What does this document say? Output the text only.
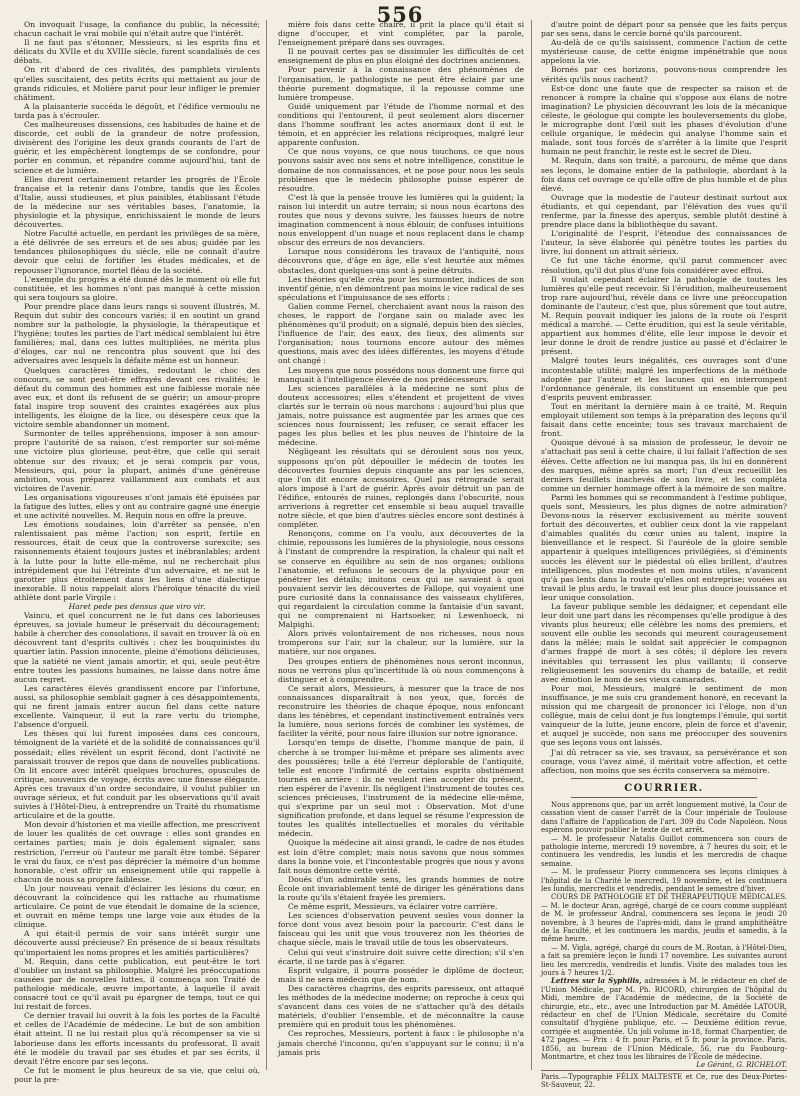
556

On invoquait l'usage, la confiance du public, la nécessité; chacun cachait le vrai mobile qui n'était autre que l'intérêt.

Il ne faut pas s'étonner, Messieurs, si les esprits fins et délicats du XVIIe et du XVIIIe siècle, furent scandalisés de ces débats.

On rit d'abord de ces rivalités, des pamphlets virulents qu'elles suscitaient, des petits écrits qui mettaient au jour de grands ridicules, et Molière parut pour leur infliger le premier châtiment.

A la plaisanterie succéda le dégoût, et l'édifice vermoulu ne tarda pas à s'écrouler.

Ces malheureuses dissensions, ces habitudes de haine et de discorde, cet oubli de la grandeur de notre profession, divisèrent des l'origine les deux grands courants de l'art de guérir, et les empêchèrent longtemps de se confondre, pour porter en commun, et répandre comme aujourd'hui, tant de science et de lumière.

Elles durent certainement retarder les progrès de l'École française et la retenir dans l'ombre, tandis que les Écoles d'Italie, aussi studieuses, et plus paisibles, établissant l'étude de la médecine sur ses véritables bases, l'anatomie, la physiologie et la physique, enrichissaient le monde de leurs découvertes.

Notre Faculté actuelle, en perdant les privilèges de sa mère, a été délivrée de ses erreurs et de ses abus; guidée par les tendances philosophiques du siècle, elle ne connaît d'autre devoir que celui de fortifier les études médicales, et de repousser l'ignorance, mortel fléau de la société.

L'exemple du progrès a été donné dès le moment où elle fut constituée, et les hommes n'ont pas manqué à cette mission qui sera toujours sa gloire.

Pour prendre place dans leurs rangs si souvent illustrés, M. Requin dut subir des concours variés; il en soutint un grand nombre sur la pathologie, la physiologie, la thérapeutique et l'hygiène; toutes les parties de l'art médical semblaient lui être familières; mal, dans ces luttes multipliées, ne mérita plus d'éloges, car nul ne rencontra plus souvent que lui des adversaires avec lesquels la défaite même est un honneur.

Quelques caractères timides, redoutant le choc des concours, se sont peut-être effrayés devant ces rivalités; le défaut du commun des hommes est une faiblesse morale née avec eux, et dont ils refusent de se guérir; un amour-propre fatal inspire trop souvent des craintes exagérées aux plus intelligents, les éloigne de la lice, ou désespère ceux que la victoire semble abandonner un moment.

Surmonter de telles appréhensions, imposer à son amour-propre l'autorité de sa raison, c'est remporter sur soi-même une victoire plus glorieuse, peut-être, que celle qui serait obtenue sur des rivaux; et je serai compris par vous, Messieurs, qui, pour la plupart, animés d'une généreuse ambition, vous préparez vaillamment aux combats et aux victoires de l'avenir.

Les organisations vigoureuses n'ont jamais été épuisées par la fatigue des luttes, elles y ont au contraire gagné une énergie et une activité nouvelles. M. Requin nous en offre la preuve.

Les émotions soudaines, loin d'arrêter sa pensée, n'en ralentissaient pas même l'action; son esprit, fertile en ressources, était de ceux que la controverse surexcite; ses raisonnements étaient toujours justes et inébranlables; ardent à la lutte pour la lutte elle-même, nul ne recherchait plus intrépidement que lui l'étreinte d'un adversaire, et ne sut le garotter plus étroitement dans les liens d'une dialectique inexorable. Il nous rappelait alors l'héroïque ténacité du vieil athlète dont parle Virgile :

Haret pede pes densus que viro vir.

Vaincu, et quel concurrent ne le fut dans ces laborieuses épreuves, sa joviale humeur le préservait du découragement; habile à chercher des consolations, il savait en trouver là où en découvrent tant d'esprits cultivés : chez les bouquinistes du quartier latin. Passion innocente, pleine d'émotions délicieuses, que la satiété ne vient jamais amortir, et qui, seule peut-être entre toutes les passions humaines, ne laisse dans notre âme aucun regret.

Les caractères élevés grandissent encore par l'infortune, aussi, sa philosophie semblait gagner à ces désappointements, qui ne firent jamais entrer aucun fiel dans cette nature excellente. Vainqueur, il eut la rare vertu du triomphe, l'absence d'orgueil.

Les thèses qui lui furent imposées dans ces concours, témoignent de la variété et de la solidité de connaissances qu'il possédait; elles révèlent un esprit fécond, dont l'activité ne paraissait trouver de repos que dans de nouvelles publications. On lit encore avec intérêt quelques brochures, opuscules de critique, souvenirs de voyage, écrits avec une finesse élégante. Après ces travaux d'un ordre secondaire, il voulut publier un ouvrage sérieux, et fut conduit par les observations qu'il avait suivies à l'Hôtel-Dieu, à entreprendre un Traité du rhumatisme articulaire et de la goutte.

Mon devoir d'historien et ma vieille affection, me prescrivent de louer les qualités de cet ouvrage : elles sont grandes en certaines parties; mais je dois également signaler, sans restriction, l'erreur où l'auteur me paraît être tombé. Séparer le vrai du faux, ce n'est pas déprécier la mémoire d'un homme honorable, c'est offrir un enseignement utile qui rappelle à chacun de nous sa propre faiblesse.

Un jour nouveau venait d'éclairer les lésions du cœur, en découvrant la coïncidence qui les rattache au rhumatisme articulaire. Ce point de vue étendait le domaine de la science, et ouvrait en même temps une large voie aux études de la clinique.

A qui était-il permis de voir sans intérêt surgir une découverte aussi précieuse? En présence de si beaux résultats qu'importaient les noms propres et les amitiés particulières?

M. Requin, dans cette publication, eut peut-être le tort d'oublier un instant sa philosophie. Malgré les préoccupations causées par de nouvelles luttes, il commença son Traité de pathologie médicale, œuvre importante, à laquelle il avait consacré tout ce qu'il avait pu épargner de temps, tout ce qui lui restait de forces.

Ce dernier travail lui ouvrit à la fois les portes de la Faculté et celles de l'Académie de médecine. Le but de son ambition était atteint. Il ne lui restait plus qu'à récompenser sa vie si laborieuse dans les efforts incessants du professorat. Il avait été le modèle du travail par ses études et par ses écrits, il devait l'être encore par ses leçons.

Ce fut le moment le plus heureux de sa vie, que celui où, pour la pre-

mière fois dans cette chaire, il prit la place qu'il était si digne d'occuper, et vint compléter, par la parole, l'enseignement préparé dans ses ouvrages.

Il ne pouvait certes pas se dissimuler les difficultés de cet enseignement de plus en plus éloigné des doctrines anciennes.

Pour parvenir à la connaissance des phénomènes de l'organisation, le pathologiste ne peut être éclairé par une théorie purement dogmatique, il la repousse comme une lumière trompeuse.

Guidé uniquement par l'étude de l'homme normal et des conditions qui l'entourent, il peut seulement alors discerner dans l'homme souffrant les actes anormaux dont il est le témoin, et en apprécier les relations réciproques, malgré leur apparente confusion.

Ce que nous voyons, ce que nous touchons, ce que nous pouvons saisir avec nos sens et notre intelligence, constitue le domaine de nos connaissances, et ne pose pour nous les seuls problèmes que le médecin philosophe puisse espérer de résoudre.

C'est là que la pensée trouve les lumières qui la guident; la raison lui interdit un autre terrain; si nous nous écartons des routes que nous y devons suivre, les fausses lueurs de notre imagination commencent à nous éblouir, de confuses intuitions nous enveloppent d'un nuage et nous replacent dans le champ obscur des erreurs de nos devanciers.

Lorsque nous considérons les travaux de l'antiquité, nous découvrons que, d'âge en âge, elle s'est heurtée aux mêmes obstacles, dont quelques-uns sont à peine détruits.

Les théories qu'elle créa pour les surmonter, indices de son inventif génie, n'en démontrent pas moins le vice radical de ses spéculations et l'impuissance de ses efforts :

Galien comme Fernel, cherchaient avant nous la raison des choses, le rapport de l'organe sain ou malade avec les phénomènes qu'il produit; on a signalé, depuis bien des siècles, l'influence de l'air, des eaux, des lieux, des aliments sur l'organisation; nous tournons encore autour des mêmes questions, mais avec des idées différentes, les moyens d'étude ont changé :

Les moyens que nous possédons nous donnent une force qui manquait à l'intelligence élevée de nos prédécesseurs.

Les sciences parallèles à la médecine ne sont plus de douteux accessoires; elles s'étendent et projettent de vives clartés sur le terrain où nous marchons : aujourd'hui plus que jamais, notre puissance est augmentée par les armes que ces sciences nous fournissent; les refuser, ce serait effacer les pages les plus belles et les plus neuves de l'histoire de la médecine.

Négligeant les résultats qui se déroulent sous nos yeux, supposons qu'on pût dépouiller le médecin de toutes les découvertes fournies depuis cinquante ans par les sciences, que l'on dit encore accessoires. Quel pas rétrograde serait alors imposé à l'art de guérir. Après avoir détruit un pan de l'édifice, entourés de ruines, replongés dans l'obscurité, nous arriverions à regretter cet ensemble si beau auquel travaille notre siècle, et que bien d'autres siècles encore sont destinés à compléter.

Renonçons, comme on l'a voulu, aux découvertes de la chimie, repoussons les lumières de la physiologie, nous cessons à l'instant de comprendre la respiration, la chaleur qui naît et se conserve en équilibre au sein de nos organes; oublions l'anatomie, et refusons le secours de la physique pour en pénétrer les détails; imitons ceux qui ne savaient à quoi pouvaient servir les découvertes de Fallope, qui voyaient une pure curiosité dans la connaissance des vaisseaux chylifères, qui regardaient la circulation comme la fantaisie d'un savant, qui ne comprenaient ni Hartsoeker, ni Lewenhoeck, ni Malpighi.

Alors privés volontairement de nos richesses, nous nous tromperons sur l'air, sur la chaleur, sur la lumière, sur la matière, sur nos organes.

Des groupes entiers de phénomènes nous seront inconnus, nous ne verrons plus qu'incertitude là où nous commençons à distinguer et à comprendre.

Ce serait alors, Messieurs, à mesurer que la trace de nos connaissances disparaîtrait à nos yeux, que, forcés de reconstruire les théories de chaque époque, nous enfoncant dans les ténèbres, et cependant instinctivement entraînés vers la lumière, nous serions forcés de combiner les systèmes, de faciliter la vérité, pour nous faire illusion sur notre ignorance.

Lorsqu'en temps de disette, l'homme manque de pain, il cherche à se tromper lui-même et prépare ses aliments avec des poussières; telle a été l'erreur déplorable de l'antiquité, telle est encore l'infirmité de certains esprits obstinément tournés en arrière : ils ne veulent rien accepter du présent, rien espérer de l'avenir. Ils négligent l'instrument de toutes ces sciences précieuses, l'instrument de la médecine elle-même, qui s'exprime par un seul mot : Observation. Mot d'une signification profonde, et dans lequel se résume l'expression de toutes les qualités intellectuelles et morales du véritable médecin.

Quoique la médecine ait ainsi grandi, le cadre de nos études est loin d'être complet; mais nous savons que nous sommes dans la bonne voie, et l'incontestable progrès que nous y avons fait nous démontre cette vérité.

Doués d'un admirable sens, les grands hommes de notre École ont invariablement tenté de diriger les générations dans la route qu'ils s'étaient frayée les premiers.

Ce même esprit, Messieurs, va éclairer votre carrière.

Les sciences d'observation peuvent seules vous donner la force dont vous avez besoin pour la parcourir. C'est dans le faisceau qui les unit que vous trouverez non les théories de chaque siècle, mais le travail utile de tous les observateurs.

Celui qui veut s'instruire doit suivre cette direction; s'il s'en écarte, il ne tarde pas à s'égarer.

Esprit vulgaire, il pourra posséder le diplôme de docteur, mais il ne sera médecin que de nom.

Des caractères chagrins, des esprits paresseux, ont attaqué les méthodes de la médecine moderne; on reproche à ceux qui s'avancent dans ces voies de ne s'attacher qu'à des détails matériels, d'oublier l'ensemble, et de méconnaître la cause première qui en produit tous les phénomènes.

Ces reproches, Messieurs, portent à faux : le philosophe n'a jamais cherché l'inconnu, qu'en s'appuyant sur le connu; il n'a jamais pris

d'autre point de départ pour sa pensée que les faits perçus par ses sens, dans le cercle borné qu'ils parcourent.

Au-delà de ce qu'ils saisissent, commence l'action de cette mystérieuse cause, de cette énigme impénétrable que nous appelons la vie.

Bornés par ces horizons, pouvons-nous comprendre les vérités qu'ils nous cachent?

Est-ce donc une faute que de respecter sa raison et de renoncer à rompre la chaîne qui s'oppose aux élans de notre imagination? Le physicien découvrant les lois de la mécanique céleste, le géologue qui compte les bouleversements du globe, le micrographe dont l'œil suit les phases d'évolution d'une cellule organique, le médecin qui analyse l'homme sain et malade, sont tous forcés de s'arrêter à la limite que l'esprit humain ne peut franchir, le reste est le secret de Dieu.

M. Requin, dans son traité, a parcouru, de même que dans ses leçons, le domaine entier de la pathologie, abordant à la fois dans cet ouvrage ce qu'elle offre de plus humble et de plus élevé.

Ouvrage que la modestie de l'auteur destinait surtout aux étudiants, et qui cependant, par l'élévation des vues qu'il renferme, par la finesse des aperçus, semble plutôt destiné à prendre place dans la bibliothèque du savant.

L'originalité de l'esprit, l'étendue des connaissances de l'auteur, la sève élaborée qui pénètre toutes les parties du livre, lui donnent un attrait sérieux.

Ce fut une tâche énorme, qu'il parut commencer avec résolution, qu'il dut plus d'une fois considérer avec effroi.

Il voulait cependant éclairer la pathologie de toutes les lumières qu'elle peut recevoir. Si l'érudition, malheureusement trop rare aujourd'hui, révèle dans ce livre une préoccupation dominante de l'auteur, c'est que, plus sûrement que tout autre, M. Requin pouvait indiquer les jalons de la route où l'esprit médical a marché. — Cette érudition, qui est la seule véritable, appartient aux hommes d'élite, elle leur impose le devoir et leur donne le droit de rendre justice au passé et d'éclairer le présent.

Malgré toutes leurs inégalités, ces ouvrages sont d'une incontestable utilité; malgré les imperfections de la méthode adoptée par l'auteur et les lacunes qui en interrompent l'ordonnance générale, ils constituent un ensemble que peu d'esprits peuvent embrasser.

Tout en méritant la dernière main à ce traité, M. Requin employait utilement son temps à la préparation des leçons qu'il faisait dans cette enceinte; tous ses travaux marchaient de front.

Quoique dévoué à sa mission de professeur, le devoir ne s'attachait pas seul à cette chaire, il lui fallait l'affection de ses élèves. Cette affection ne lui manqua pas, ils lui en donnèrent des marques, même après sa mort; l'un d'eux recueillit les derniers feuillets inachevés de son livre, et les compléta comme un dernier hommage offert à la mémoire de son maître.

Parmi les hommes qui se recommandent à l'estime publique, quels sont, Messieurs, les plus dignes de notre admiration? Devons-nous la réserver exclusivement au mérite souvent fortuit des découvertes, et oublier ceux dont la vie rappelant d'aimables qualités du cœur unies au talent, inspire la bienveillance et le respect. Si l'auréole de la gloire semble appartenir à quelques intelligences privilégiées, si d'éminents succès les élèvent sur le piédestal où elles brillent, d'autres intelligences, plus modestes et non moins utiles, n'avancent qu'à pas lents dans la route qu'elles ont entreprise; vouées au travail le plus ardu, le travail est leur plus douce jouissance et leur unique consolation.

La faveur publique semble les dédaigner, et cependant elle leur doit une part dans les récompenses qu'elle prodigue à des vivants plus heureux; elle célèbre les noms des premiers, et souvent elle oublie les seconds qui meurent courageusement dans la mêlée; mais le soldat sait apprécier le compagnon d'armes frappé de mort à ses côtés; il déplore les revers inévitables qui terrassent les plus vaillants; il conserve religieusement les souvenirs du champ de bataille, et redit avec émotion le nom de ses vieux camarades.

Pour moi, Messieurs, malgré le sentiment de mon insuffisance, je me suis cru grandement honoré, en recevant la mission qui me chargeait de prononcer ici l'éloge, non d'un collègue, mais de celui dont je fus longtemps l'émule, qui sortit vainqueur de la lutte, jeune encore, plein de force et d'avenir, et auquel je succède, non sans me préoccuper des souvenirs que ses leçons vous ont laissés.

J'ai dû retracer sa vie, ses travaux, sa persévérance et son courage, vous l'avez aimé, il méritait votre affection, et cette affection, non moins que ses écrits conservera sa mémoire.

COURRIER.

Nous apprenons que, par un arrêt longuement motivé, la Cour de cassation vient de casser l'arrêt de la Cour impériale de Toulouse dans l'affaire de l'application de l'art. 309 du Code Napoléon. Nous espérons pouvoir publier le texte de cet arrêt.

— M. le professeur Natalis Guillot commencera son cours de pathologie interne, mercredi 19 novembre, à 7 heures du soir, et le continuera les vendredis, les lundis et les mercredis de chaque semaine.

— M. le professeur Piorry commencera ses leçons cliniques à l'hôpital de la Charité le mercredi, 19 novembre, et les continuera les lundis, mercredis et vendredis, pendant le semestre d'hiver.

COURS DE PATHOLOGIE ET DE THÉRAPEUTIQUE MÉDICALES. — M. le docteur Aran, agrégé, chargé de ce cours comme suppléant de M. le professeur Andral, commencera ses leçons le jeudi 20 novembre, à 3 heures de l'après-midi, dans le grand amphithéâtre de la Faculté, et les continuera les mardis, jeudis et samedis, à la même heure.

— M. Vigla, agrégé, chargé du cours de M. Rostan, à l'Hôtel-Dieu, a fait sa première leçon le lundi 17 novembre. Les suivantes auront lieu les mercredis, vendredis et lundis. Visite des malades tous les jours à 7 heures 1/2.

Lettres sur la Syphilis, adressées à M. le rédacteur en chef de l'Union Médicale, par M. Ph. RICORD, chirurgien de l'hôpital du Midi, membre de l'Académie de médecine, de la Société de chirurgie, etc., etc., avec une Introduction par M. Amédée LATOUR, rédacteur en chef de l'Union Médicale, secrétaire du Comité consultatif d'hygiène publique, etc. — Deuxième édition revue, corrigée et augmentée. Un joli volume in-18, format Charpentier, de 472 pages. — Prix : 4 fr. pour Paris, et 5 fr. pour la province. Paris, 1856, au bureau de l'Union Médicale, 56, rue du Faubourg-Montmartre, et chez tous les libraires de l'École de médecine.

Le Gérant, G. RICHELOT.

Paris.—Typographie FÉLIX MALTESTE et Ce, rue des Deux-Portes-St-Sauveur, 22.
